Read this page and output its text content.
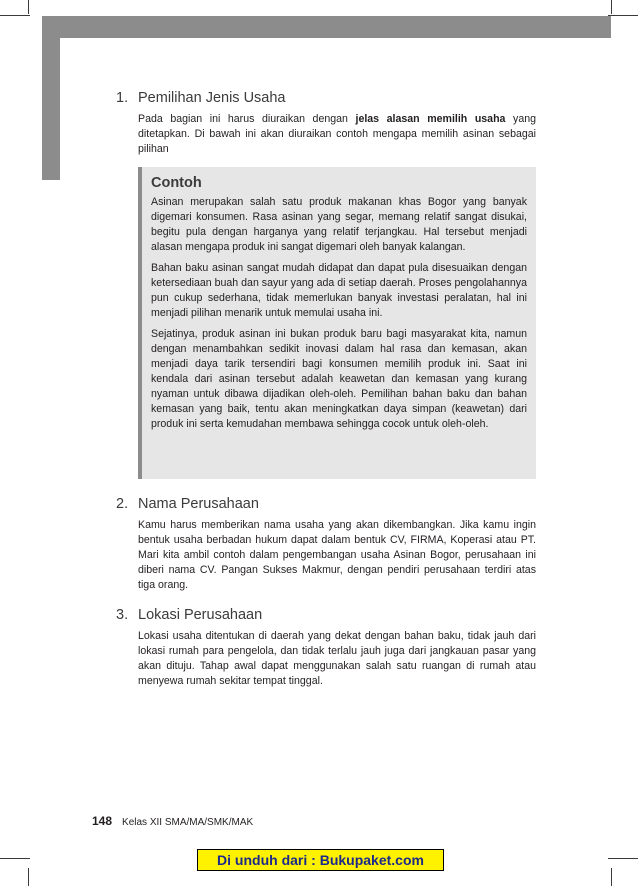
1. Pemilihan Jenis Usaha
Pada bagian ini harus diuraikan dengan jelas alasan memilih usaha yang ditetapkan. Di bawah ini akan diuraikan contoh mengapa memilih asinan sebagai pilihan
Contoh

Asinan merupakan salah satu produk makanan khas Bogor yang banyak digemari konsumen. Rasa asinan yang segar, memang relatif sangat disukai, begitu pula dengan harganya yang relatif terjangkau. Hal tersebut menjadi alasan mengapa produk ini sangat digemari oleh banyak kalangan.

Bahan baku asinan sangat mudah didapat dan dapat pula disesuaikan dengan ketersediaan buah dan sayur yang ada di setiap daerah. Proses pengolahannya pun cukup sederhana, tidak memerlukan banyak investasi peralatan, hal ini menjadi pilihan menarik untuk memulai usaha ini.

Sejatinya, produk asinan ini bukan produk baru bagi masyarakat kita, namun dengan menambahkan sedikit inovasi dalam hal rasa dan kemasan, akan menjadi daya tarik tersendiri bagi konsumen memilih produk ini. Saat ini kendala dari asinan tersebut adalah keawetan dan kemasan yang kurang nyaman untuk dibawa dijadikan oleh-oleh. Pemilihan bahan baku dan bahan kemasan yang baik, tentu akan meningkatkan daya simpan (keawetan) dari produk ini serta kemudahan membawa sehingga cocok untuk oleh-oleh.

2. Nama Perusahaan
Kamu harus memberikan nama usaha yang akan dikembangkan. Jika kamu ingin bentuk usaha berbadan hukum dapat dalam bentuk CV, FIRMA, Koperasi atau PT. Mari kita ambil contoh dalam pengembangan usaha Asinan Bogor, perusahaan ini diberi nama CV. Pangan Sukses Makmur, dengan pendiri perusahaan terdiri atas tiga orang.
3. Lokasi Perusahaan
Lokasi usaha ditentukan di daerah yang dekat dengan bahan baku, tidak jauh dari lokasi rumah para pengelola, dan tidak terlalu jauh juga dari jangkauan pasar yang akan dituju. Tahap awal dapat menggunakan salah satu ruangan di rumah atau menyewa rumah sekitar tempat tinggal.
148 Kelas XII SMA/MA/SMK/MAK
Di unduh dari : Bukupaket.com
